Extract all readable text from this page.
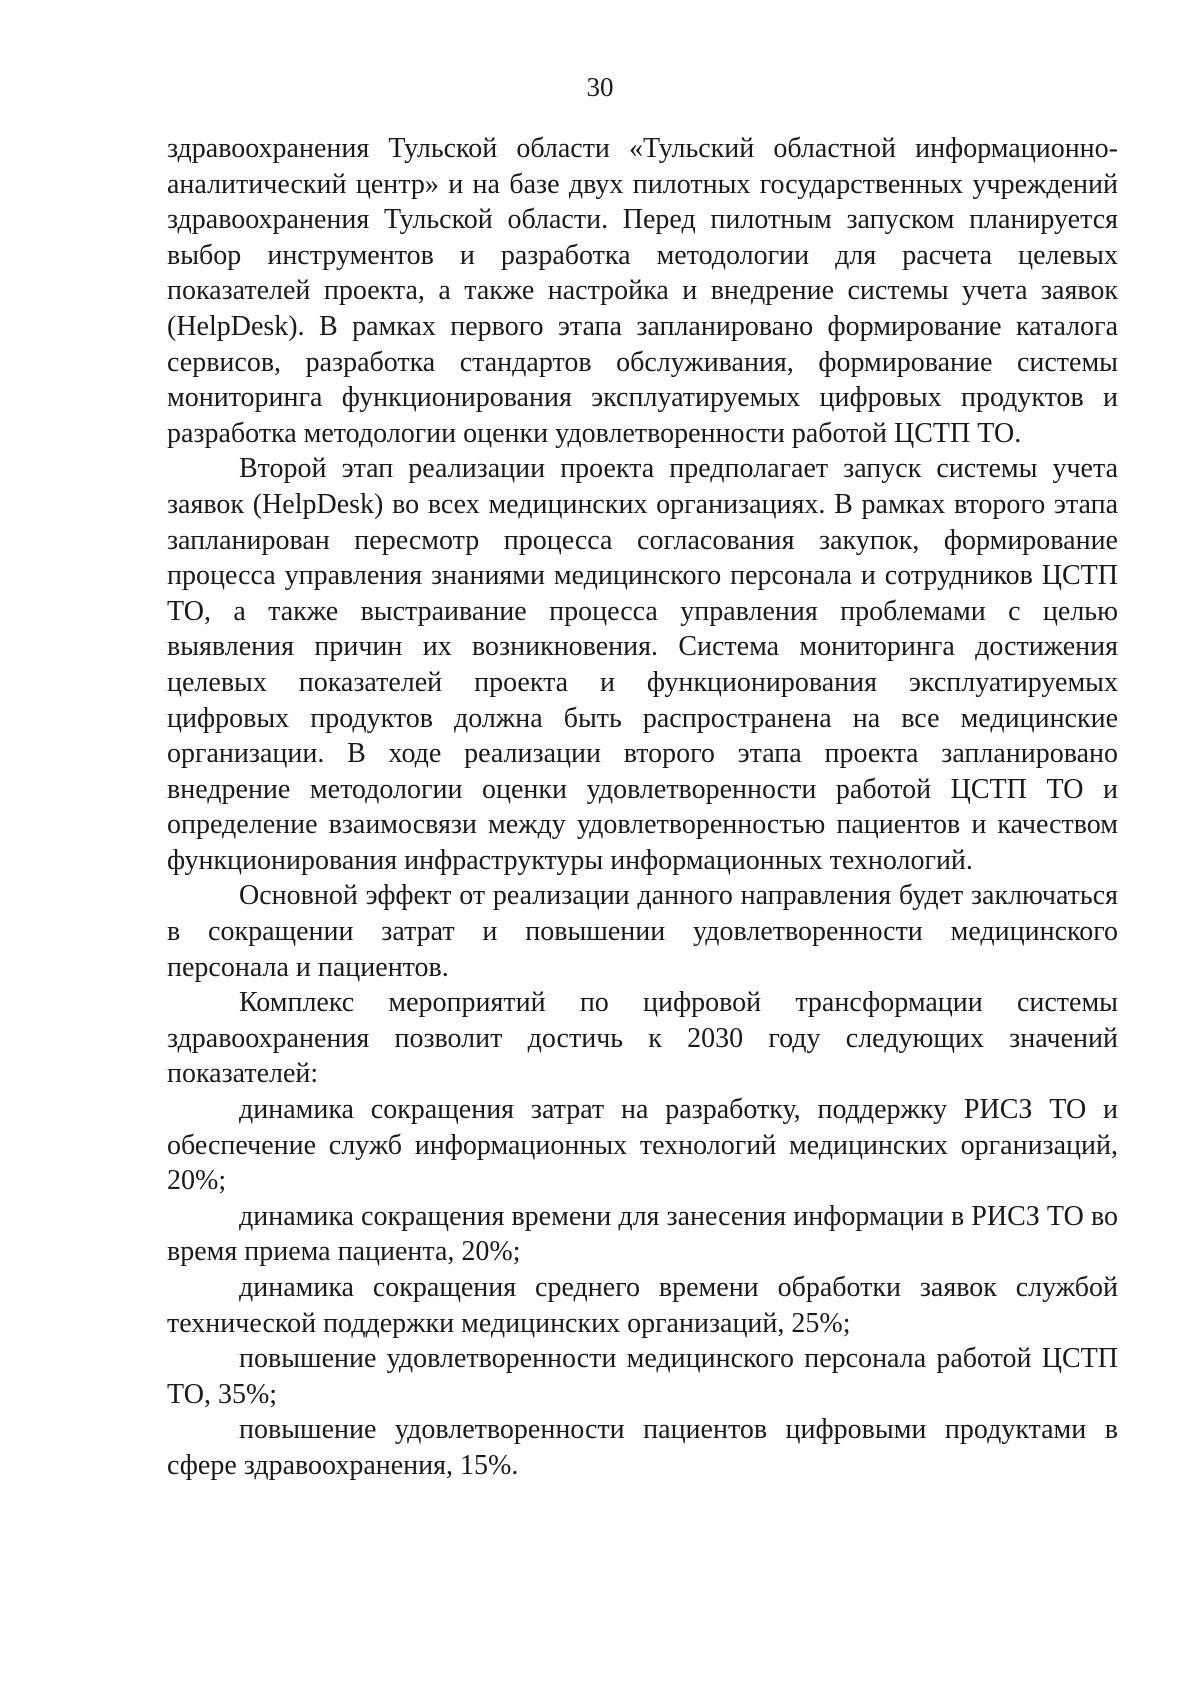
30

здравоохранения Тульской области «Тульский областной информационно-аналитический центр» и на базе двух пилотных государственных учреждений здравоохранения Тульской области. Перед пилотным запуском планируется выбор инструментов и разработка методологии для расчета целевых показателей проекта, а также настройка и внедрение системы учета заявок (HelpDesk). В рамках первого этапа запланировано формирование каталога сервисов, разработка стандартов обслуживания, формирование системы мониторинга функционирования эксплуатируемых цифровых продуктов и разработка методологии оценки удовлетворенности работой ЦСТП ТО.

Второй этап реализации проекта предполагает запуск системы учета заявок (HelpDesk) во всех медицинских организациях. В рамках второго этапа запланирован пересмотр процесса согласования закупок, формирование процесса управления знаниями медицинского персонала и сотрудников ЦСТП ТО, а также выстраивание процесса управления проблемами с целью выявления причин их возникновения. Система мониторинга достижения целевых показателей проекта и функционирования эксплуатируемых цифровых продуктов должна быть распространена на все медицинские организации. В ходе реализации второго этапа проекта запланировано внедрение методологии оценки удовлетворенности работой ЦСТП ТО и определение взаимосвязи между удовлетворенностью пациентов и качеством функционирования инфраструктуры информационных технологий.

Основной эффект от реализации данного направления будет заключаться в сокращении затрат и повышении удовлетворенности медицинского персонала и пациентов.

Комплекс мероприятий по цифровой трансформации системы здравоохранения позволит достичь к 2030 году следующих значений показателей:

динамика сокращения затрат на разработку, поддержку РИСЗ ТО и обеспечение служб информационных технологий медицинских организаций, 20%;

динамика сокращения времени для занесения информации в РИСЗ ТО во время приема пациента, 20%;

динамика сокращения среднего времени обработки заявок службой технической поддержки медицинских организаций, 25%;

повышение удовлетворенности медицинского персонала работой ЦСТП ТО, 35%;

повышение удовлетворенности пациентов цифровыми продуктами в сфере здравоохранения, 15%.
